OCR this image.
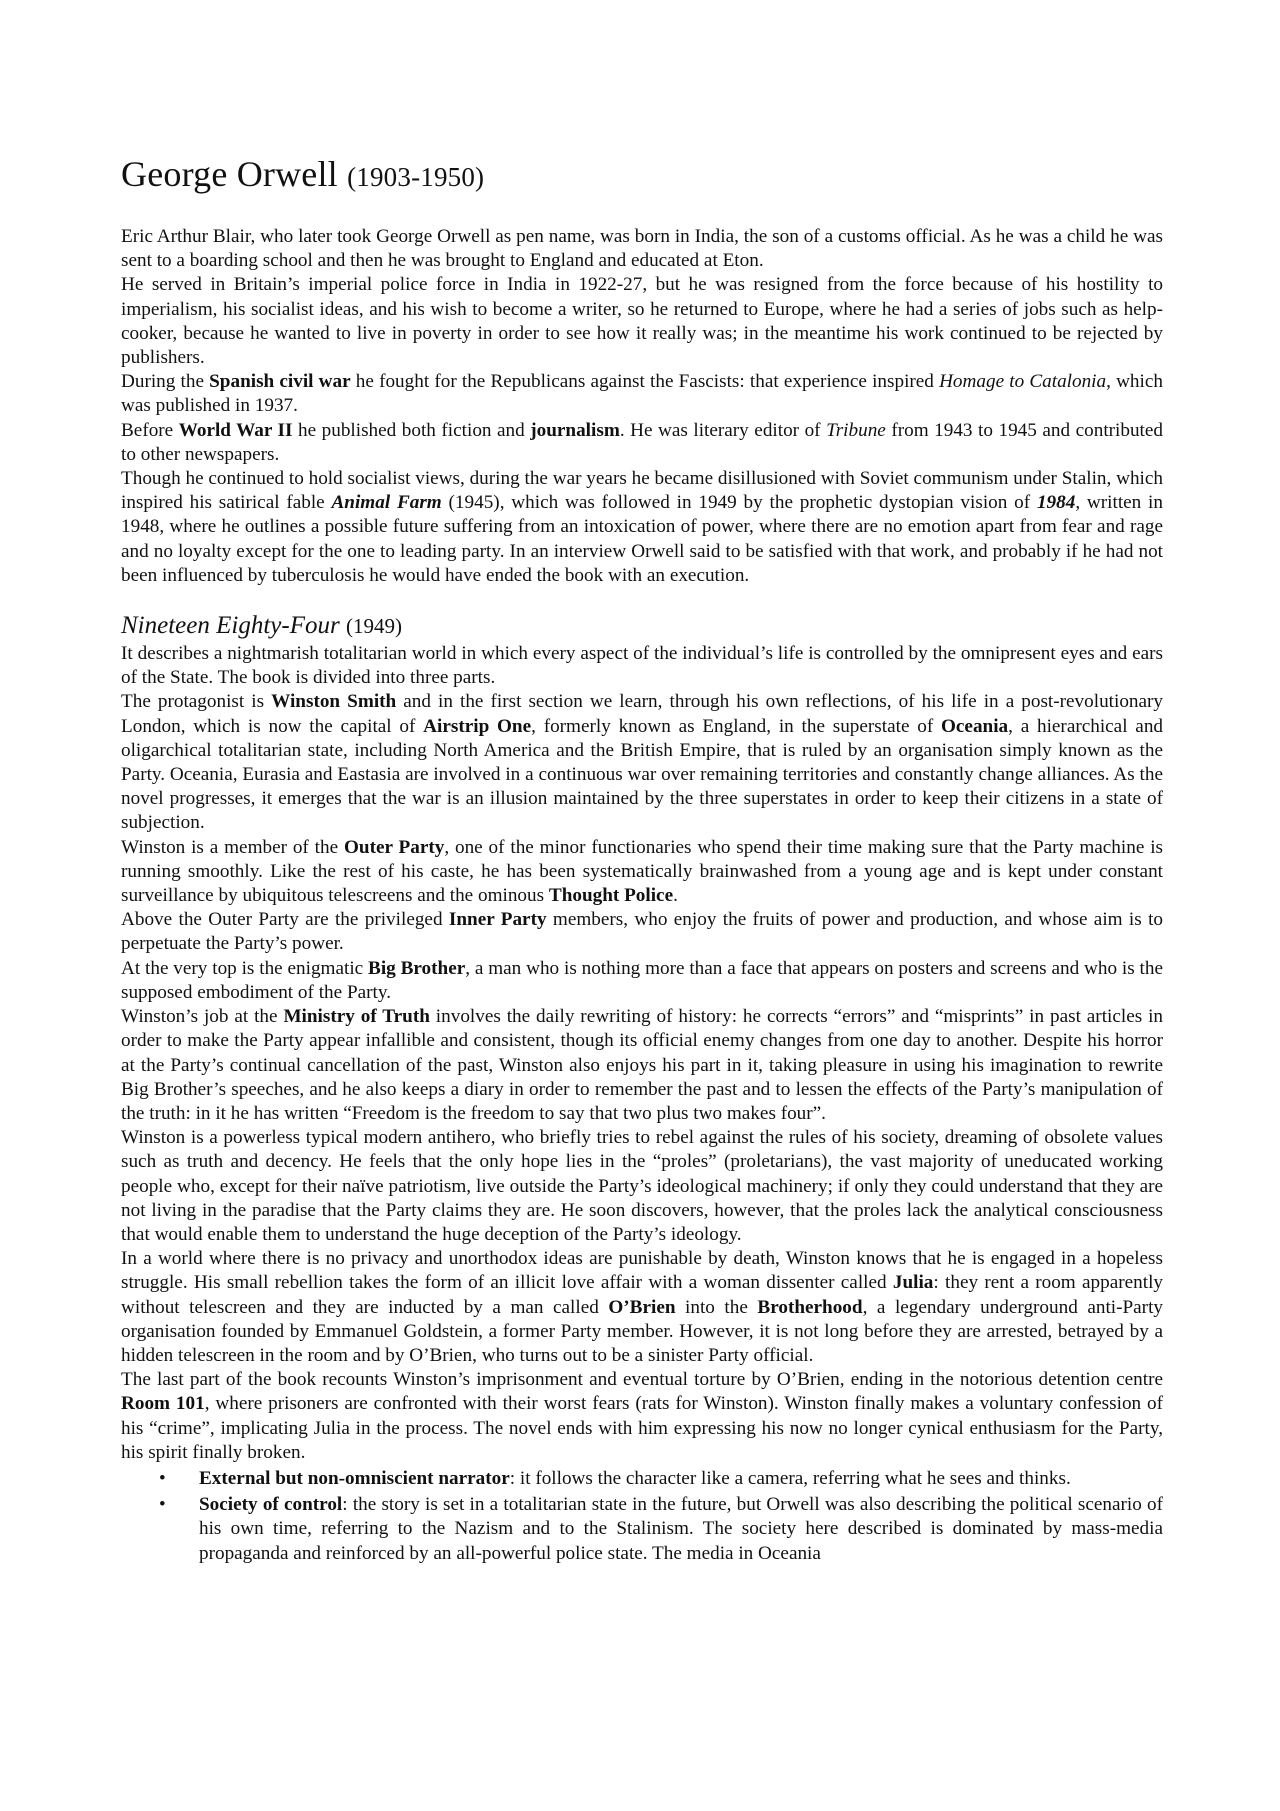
George Orwell (1903-1950)

Eric Arthur Blair, who later took George Orwell as pen name, was born in India, the son of a customs official. As he was a child he was sent to a boarding school and then he was brought to England and educated at Eton.

He served in Britain’s imperial police force in India in 1922-27, but he was resigned from the force because of his hostility to imperialism, his socialist ideas, and his wish to become a writer, so he returned to Europe, where he had a series of jobs such as help-cooker, because he wanted to live in poverty in order to see how it really was; in the meantime his work continued to be rejected by publishers.

During the Spanish civil war he fought for the Republicans against the Fascists: that experience inspired Homage to Catalonia, which was published in 1937.

Before World War II he published both fiction and journalism. He was literary editor of Tribune from 1943 to 1945 and contributed to other newspapers.

Though he continued to hold socialist views, during the war years he became disillusioned with Soviet communism under Stalin, which inspired his satirical fable Animal Farm (1945), which was followed in 1949 by the prophetic dystopian vision of 1984, written in 1948, where he outlines a possible future suffering from an intoxication of power, where there are no emotion apart from fear and rage and no loyalty except for the one to leading party. In an interview Orwell said to be satisfied with that work, and probably if he had not been influenced by tuberculosis he would have ended the book with an execution.

Nineteen Eighty-Four (1949)

It describes a nightmarish totalitarian world in which every aspect of the individual’s life is controlled by the omnipresent eyes and ears of the State. The book is divided into three parts.

The protagonist is Winston Smith and in the first section we learn, through his own reflections, of his life in a post-revolutionary London, which is now the capital of Airstrip One, formerly known as England, in the superstate of Oceania, a hierarchical and oligarchical totalitarian state, including North America and the British Empire, that is ruled by an organisation simply known as the Party. Oceania, Eurasia and Eastasia are involved in a continuous war over remaining territories and constantly change alliances. As the novel progresses, it emerges that the war is an illusion maintained by the three superstates in order to keep their citizens in a state of subjection.

Winston is a member of the Outer Party, one of the minor functionaries who spend their time making sure that the Party machine is running smoothly. Like the rest of his caste, he has been systematically brainwashed from a young age and is kept under constant surveillance by ubiquitous telescreens and the ominous Thought Police.

Above the Outer Party are the privileged Inner Party members, who enjoy the fruits of power and production, and whose aim is to perpetuate the Party’s power.

At the very top is the enigmatic Big Brother, a man who is nothing more than a face that appears on posters and screens and who is the supposed embodiment of the Party.

Winston’s job at the Ministry of Truth involves the daily rewriting of history: he corrects “errors” and “misprints” in past articles in order to make the Party appear infallible and consistent, though its official enemy changes from one day to another. Despite his horror at the Party’s continual cancellation of the past, Winston also enjoys his part in it, taking pleasure in using his imagination to rewrite Big Brother’s speeches, and he also keeps a diary in order to remember the past and to lessen the effects of the Party’s manipulation of the truth: in it he has written “Freedom is the freedom to say that two plus two makes four”.

Winston is a powerless typical modern antihero, who briefly tries to rebel against the rules of his society, dreaming of obsolete values such as truth and decency. He feels that the only hope lies in the “proles” (proletarians), the vast majority of uneducated working people who, except for their naïve patriotism, live outside the Party’s ideological machinery; if only they could understand that they are not living in the paradise that the Party claims they are. He soon discovers, however, that the proles lack the analytical consciousness that would enable them to understand the huge deception of the Party’s ideology.

In a world where there is no privacy and unorthodox ideas are punishable by death, Winston knows that he is engaged in a hopeless struggle. His small rebellion takes the form of an illicit love affair with a woman dissenter called Julia: they rent a room apparently without telescreen and they are inducted by a man called O’Brien into the Brotherhood, a legendary underground anti-Party organisation founded by Emmanuel Goldstein, a former Party member. However, it is not long before they are arrested, betrayed by a hidden telescreen in the room and by O’Brien, who turns out to be a sinister Party official.

The last part of the book recounts Winston’s imprisonment and eventual torture by O’Brien, ending in the notorious detention centre Room 101, where prisoners are confronted with their worst fears (rats for Winston). Winston finally makes a voluntary confession of his “crime”, implicating Julia in the process. The novel ends with him expressing his now no longer cynical enthusiasm for the Party, his spirit finally broken.

• External but non-omniscient narrator: it follows the character like a camera, referring what he sees and thinks.
• Society of control: the story is set in a totalitarian state in the future, but Orwell was also describing the political scenario of his own time, referring to the Nazism and to the Stalinism. The society here described is dominated by mass-media propaganda and reinforced by an all-powerful police state. The media in Oceania
